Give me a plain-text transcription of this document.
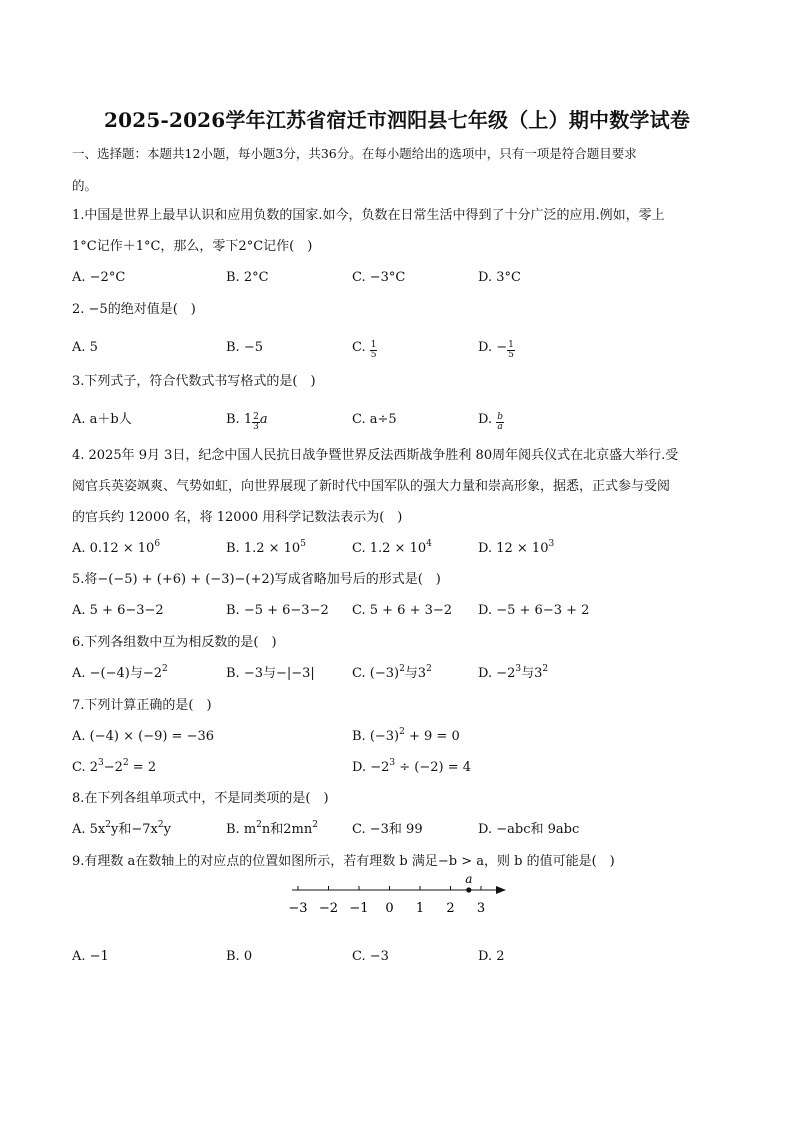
2025-2026学年江苏省宿迁市泗阳县七年级（上）期中数学试卷
一、选择题：本题共12小题，每小题3分，共36分。在每小题给出的选项中，只有一项是符合题目要求
的。
1.中国是世界上最早认识和应用负数的国家.如今，负数在日常生活中得到了十分广泛的应用.例如，零上
1°C记作＋1°C，那么，零下2°C记作(　)
A. −2°C	B. 2°C	C. −3°C	D. 3°C
2. −5的绝对值是(　)
A. 5	B. −5	C. $\frac{1}{5}$	D. − $\frac{1}{5}$
3.下列式子，符合代数式书写格式的是(　)
A. a＋b人	B. $1 \frac{2}{3}$ a	C. a÷5	D. $\frac{b}{a}$
4. 2025年 9月 3日，纪念中国人民抗日战争暨世界反法西斯战争胜利 80周年阅兵仪式在北京盛大举行.受
阅官兵英姿飒爽、气势如虹，向世界展现了新时代中国军队的强大力量和崇高形象，据悉，正式参与受阅
的官兵约 12000 名，将 12000 用科学记数法表示为(　)
A. $0.12 \times 10^6$	B. $1.2 \times 10^5$	C. $1.2 \times 10^4$	D. $12 \times 10^3$
5.将−(−5) + (+6) + (−3)−(+2)写成省略加号后的形式是(　)
A. 5 + 6−3−2	B. −5 + 6−3−2 C. 5 + 6 + 3−2 D. −5 + 6−3 + 2
6.下列各组数中互为相反数的是(　)
A. −(−4)与$-2^2$	B. −3与−|−3|	C. $(-3)^2$与$3^2$	D. $-2^3$与$3^2$
7.下列计算正确的是(　)
A. (−4) × (−9) = −36	B. $(-3)^2 + 9 = 0$
C. $2^3-2^2 = 2$	D. $-2^3 \div (-2) = 4$
8.在下列各组单项式中，不是同类项的是(　)
A. $5x^2y$和$-7x^2y$	B. $m^2n$和$2mn^2$	C. −3和 99	D. −abc和 9abc
9.有理数 a在数轴上的对应点的位置如图所示，若有理数 b 满足−b > a，则 b 的值可能是(　)
−3 −2 −1 0 1 2 3
a
A. −1	B. 0	C. −3	D. 2
